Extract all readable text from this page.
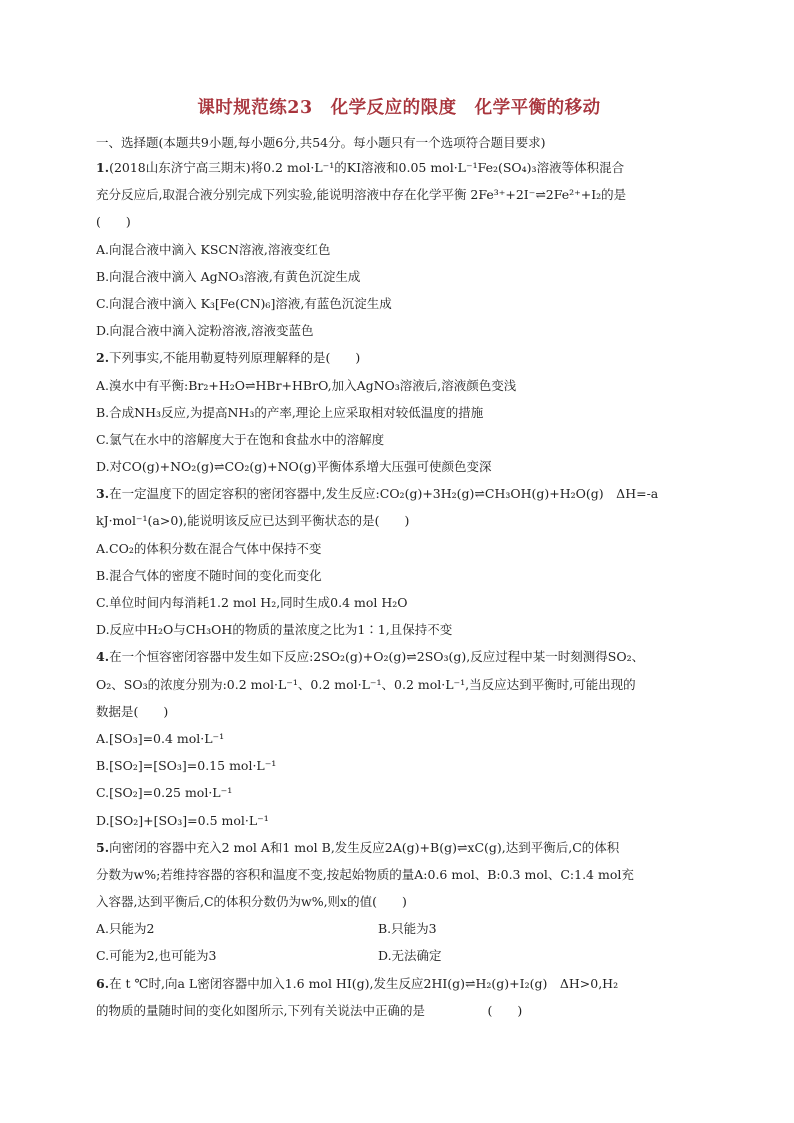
课时规范练23　化学反应的限度　化学平衡的移动
一、选择题(本题共9小题,每小题6分,共54分。每小题只有一个选项符合题目要求)
1.(2018山东济宁高三期末)将0.2 mol·L⁻¹的KI溶液和0.05 mol·L⁻¹Fe₂(SO₄)₃溶液等体积混合
充分反应后,取混合液分别完成下列实验,能说明溶液中存在化学平衡 2Fe³⁺+2I⁻⇌2Fe²⁺+I₂的是
(　　)
A.向混合液中滴入 KSCN溶液,溶液变红色
B.向混合液中滴入 AgNO₃溶液,有黄色沉淀生成
C.向混合液中滴入 K₃[Fe(CN)₆]溶液,有蓝色沉淀生成
D.向混合液中滴入淀粉溶液,溶液变蓝色
2.下列事实,不能用勒夏特列原理解释的是(　　)
A.溴水中有平衡:Br₂+H₂O⇌HBr+HBrO,加入AgNO₃溶液后,溶液颜色变浅
B.合成NH₃反应,为提高NH₃的产率,理论上应采取相对较低温度的措施
C.氯气在水中的溶解度大于在饱和食盐水中的溶解度
D.对CO(g)+NO₂(g)⇌CO₂(g)+NO(g)平衡体系增大压强可使颜色变深
3.在一定温度下的固定容积的密闭容器中,发生反应:CO₂(g)+3H₂(g)⇌CH₃OH(g)+H₂O(g)　ΔH=-a
kJ·mol⁻¹(a>0),能说明该反应已达到平衡状态的是(　　)
A.CO₂的体积分数在混合气体中保持不变
B.混合气体的密度不随时间的变化而变化
C.单位时间内每消耗1.2 mol H₂,同时生成0.4 mol H₂O
D.反应中H₂O与CH₃OH的物质的量浓度之比为1∶1,且保持不变
4.在一个恒容密闭容器中发生如下反应:2SO₂(g)+O₂(g)⇌2SO₃(g),反应过程中某一时刻测得SO₂、
O₂、SO₃的浓度分别为:0.2 mol·L⁻¹、0.2 mol·L⁻¹、0.2 mol·L⁻¹,当反应达到平衡时,可能出现的
数据是(　　)
A.[SO₃]=0.4 mol·L⁻¹
B.[SO₂]=[SO₃]=0.15 mol·L⁻¹
C.[SO₂]=0.25 mol·L⁻¹
D.[SO₂]+[SO₃]=0.5 mol·L⁻¹
5.向密闭的容器中充入2 mol A和1 mol B,发生反应2A(g)+B(g)⇌xC(g),达到平衡后,C的体积
分数为w%;若维持容器的容积和温度不变,按起始物质的量A:0.6 mol、B:0.3 mol、C:1.4 mol充
入容器,达到平衡后,C的体积分数仍为w%,则x的值(　　)
A.只能为2	B.只能为3
C.可能为2,也可能为3	D.无法确定
6.在 t ℃时,向a L密闭容器中加入1.6 mol HI(g),发生反应2HI(g)⇌H₂(g)+I₂(g)　ΔH>0,H₂
的物质的量随时间的变化如图所示,下列有关说法中正确的是　　　　　(　　)
